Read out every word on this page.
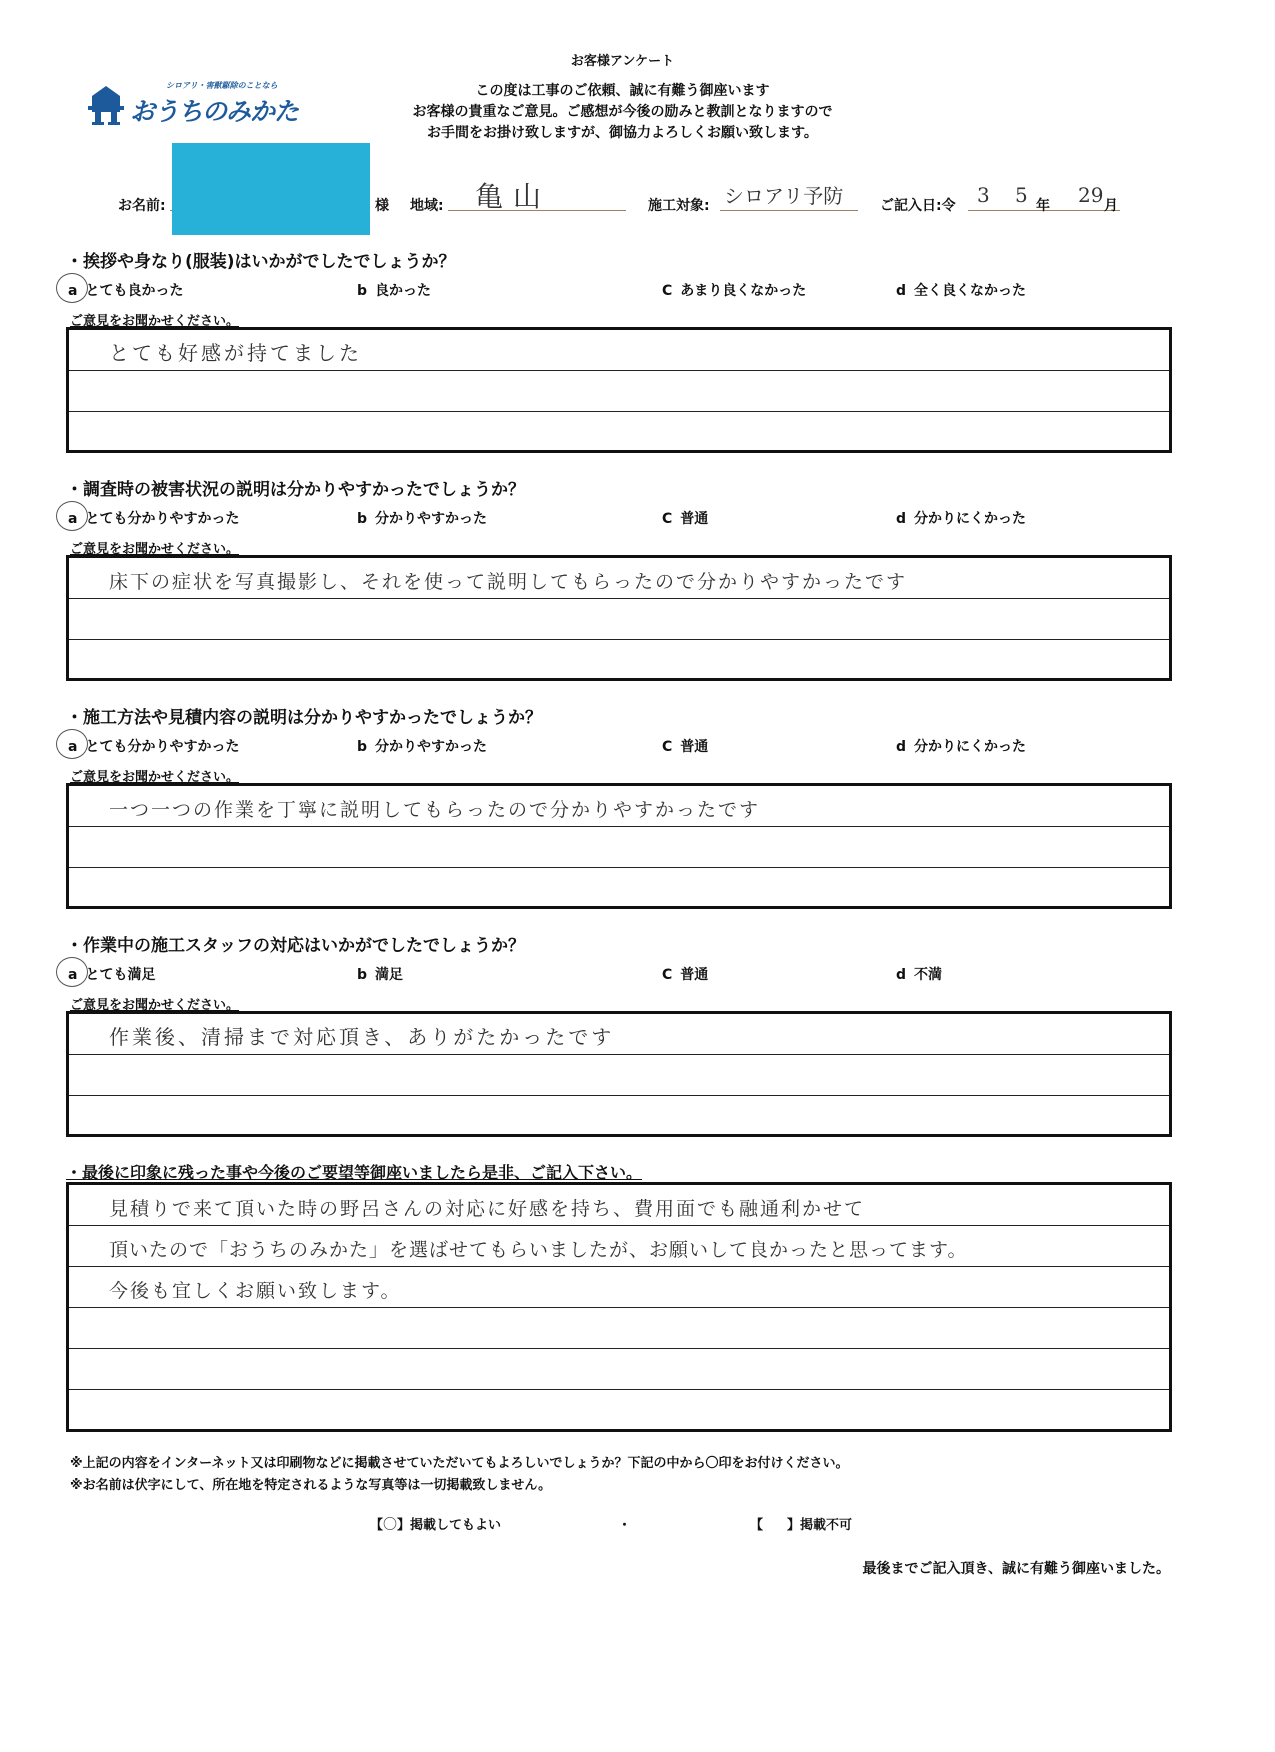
シロアリ・害獣駆除のことなら
おうちのみかた
お客様アンケート
この度は工事のご依頼、誠に有難う御座います
お客様の貴重なご意見。ご感想が今後の励みと教訓となりますので
お手間をお掛け致しますが、御協力よろしくお願い致します。
お名前:	様 地域: 亀山	施工対象: シロアリ予防	ご記入日:令 3 5 年 29 月
・挨拶や身なり(服装)はいかがでしたでしょうか？
a とても良かった	b 良かった	C あまり良くなかった	d 全く良くなかった
ご意見をお聞かせください。
とても好感が持てました
・調査時の被害状況の説明は分かりやすかったでしょうか？
a とても分かりやすかった	b 分かりやすかった	C 普通	d 分かりにくかった
ご意見をお聞かせください。
床下の症状を写真撮影し、それを使って説明してもらったので分かりやすかったです
・施工方法や見積内容の説明は分かりやすかったでしょうか？
a とても分かりやすかった	b 分かりやすかった	C 普通	d 分かりにくかった
ご意見をお聞かせください。
一つ一つの作業を丁寧に説明してもらったので分かりやすかったです
・作業中の施工スタッフの対応はいかがでしたでしょうか？
a とても満足	b 満足	C 普通	d 不満
ご意見をお聞かせください。
作業後、清掃まで対応頂き、ありがたかったです
・最後に印象に残った事や今後のご要望等御座いましたら是非、ご記入下さい。
見積りで来て頂いた時の野呂さんの対応に好感を持ち、費用面でも融通利かせて
頂いたので「おうちのみかた」を選ばせてもらいましたが、お願いして良かったと思ってます。
今後も宜しくお願い致します。
※上記の内容をインターネット又は印刷物などに掲載させていただいてもよろしいでしょうか？下記の中から〇印をお付けください。
※お名前は伏字にして、所在地を特定されるような写真等は一切掲載致しません。
【〇】掲載してもよい	・	【 】掲載不可
最後までご記入頂き、誠に有難う御座いました。
